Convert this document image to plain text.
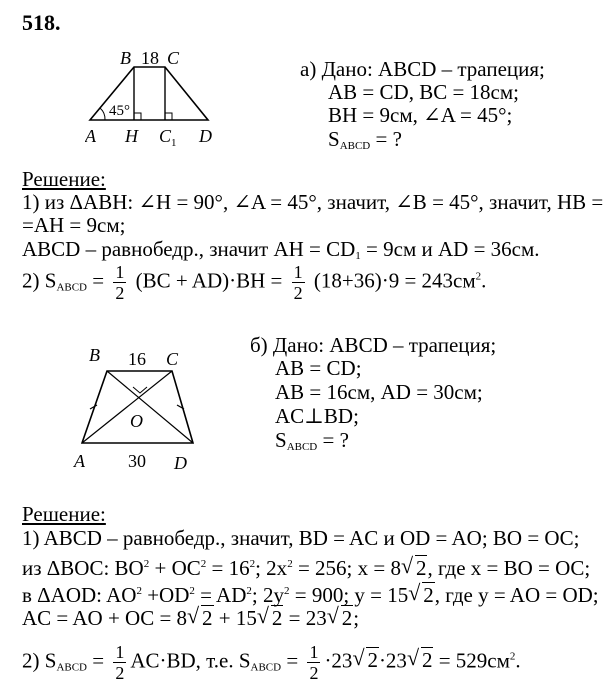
518.
B C
18
45°
A H $C_1$ D
а) Дано: ABCD – трапеция;
AB = CD, BC = 18см;
BH = 9см, ∠A = 45°;
$S_{ABCD}$ = ?
Решение:
1) из ΔABH: ∠H = 90°, ∠A = 45°, значит, ∠B = 45°, значит, HB =
=AH = 9см;
ABCD – равнобедр., значит AH = $CD_1 = 9см$ и AD = 36см.
2) $S_{ABCD} = \frac{1}{2} (BC + AD)\cdot BH = \frac{1}{2} (18+36)\cdot 9 = 243см^2$.
B	C
16
O
A 30 D
б) Дано: ABCD – трапеция;
AB = CD;
AB = 16см, AD = 30см;
AC⊥BD;
$S_{ABCD}$ = ?
Решение:
1) ABCD – равнобедр., значит, BD = AC и OD = AO; BO = OC;
из ΔBOC: $BO^2 + OC^2 = 16^2$; $2x^2 = 256$; x = 8√ 2, где x = BO = OC;
в ΔAOD: $AO^2 +OD^2 = AD^2$; $2y^2 = 900$; y = 15√ 2, где y = AO = OD;
AC = AO + OC = 8√ 2 + 15√ 2 = 23√ 2;
2) $S_{ABCD} = \frac{1}{2} AC\cdot BD$, т.е. $S_{ABCD} = \frac{1}{2} \cdot 23√$ 2·23√ $2 = 529см^2$.
